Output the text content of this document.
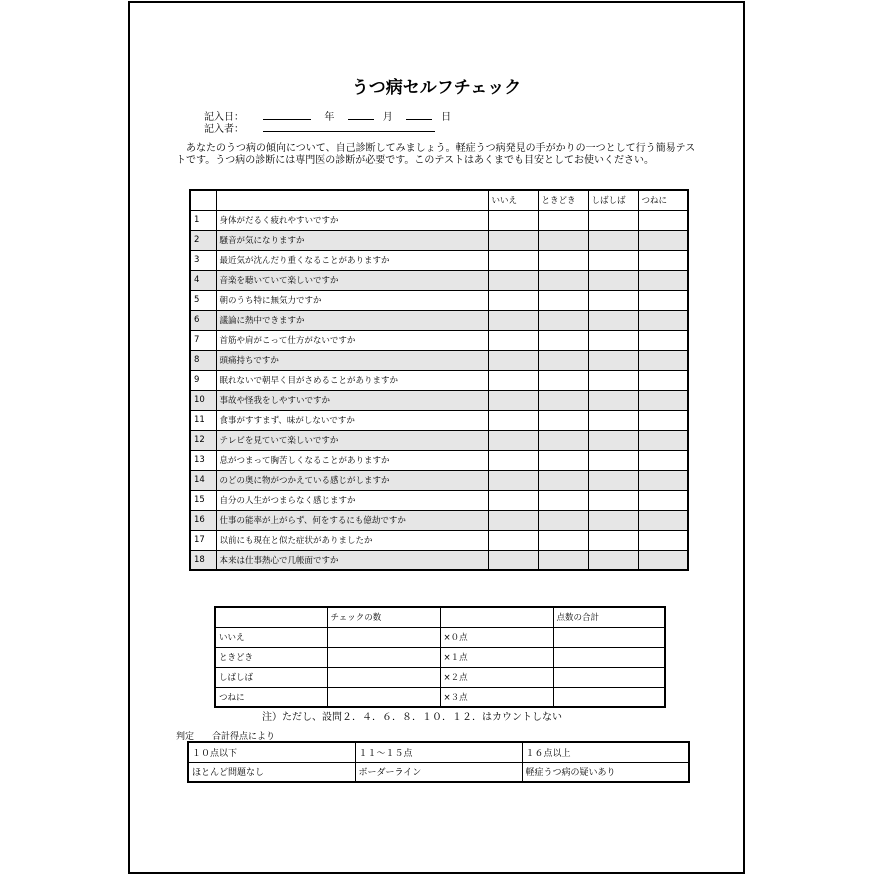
うつ病セルフチェック
記入日：	年	月	日
記入者：
あなたのうつ病の傾向について、自己診断してみましょう。軽症うつ病発見の手がかりの一つとして行う簡易テストです。うつ病の診断には専門医の診断が必要です。このテストはあくまでも目安としてお使いください。
		いいえ	ときどき	しばしば	つねに
1	身体がだるく疲れやすいですか				
2	騒音が気になりますか				
3	最近気が沈んだり重くなることがありますか				
4	音楽を聴いていて楽しいですか				
5	朝のうち特に無気力ですか				
6	議論に熱中できますか				
7	首筋や肩がこって仕方がないですか				
8	頭痛持ちですか				
9	眠れないで朝早く目がさめることがありますか				
10	事故や怪我をしやすいですか				
11	食事がすすまず、味がしないですか				
12	テレビを見ていて楽しいですか				
13	息がつまって胸苦しくなることがありますか				
14	のどの奥に物がつかえている感じがしますか				
15	自分の人生がつまらなく感じますか				
16	仕事の能率が上がらず、何をするにも億劫ですか				
17	以前にも現在と似た症状がありましたか				
18	本来は仕事熱心で几帳面ですか				
	チェックの数		点数の合計
いいえ		×０点	
ときどき		×１点	
しばしば		×２点	
つねに		×３点	
注）ただし、設問２．４．６．８．１０．１２．はカウントしない
判定　　合計得点により
１０点以下	１１～１５点	１６点以上
ほとんど問題なし	ボーダーライン	軽症うつ病の疑いあり
